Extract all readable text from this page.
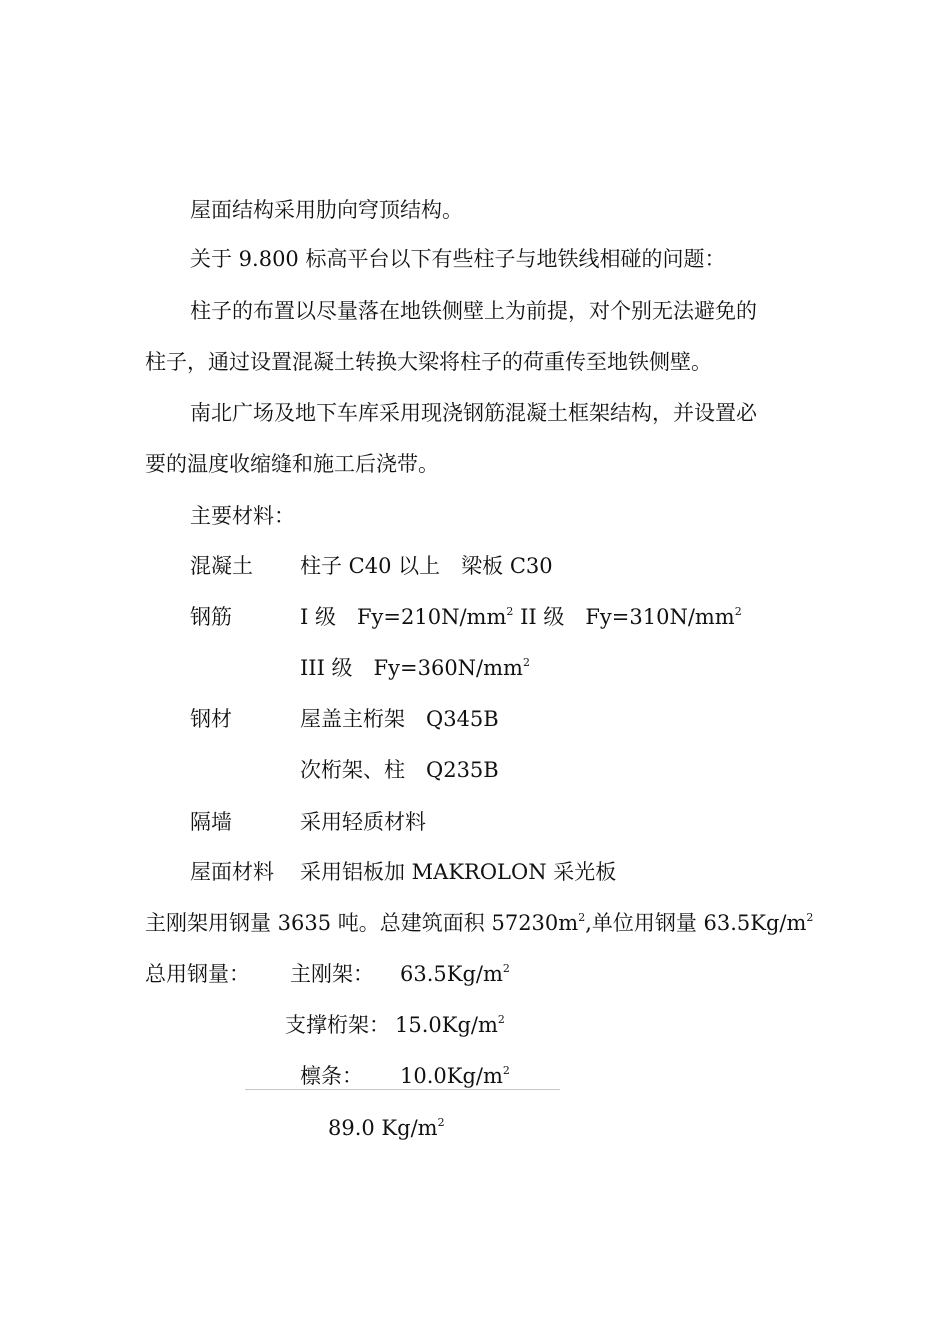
屋面结构采用肋向穹顶结构。
关于 9.800 标高平台以下有些柱子与地铁线相碰的问题：
柱子的布置以尽量落在地铁侧壁上为前提，对个别无法避免的
柱子，通过设置混凝土转换大梁将柱子的荷重传至地铁侧壁。
南北广场及地下车库采用现浇钢筋混凝土框架结构，并设置必
要的温度收缩缝和施工后浇带。
主要材料：
混凝土 柱子 C40 以上　梁板 C30
钢筋	I 级　$Fy=210N/mm^2$ II 级　$Fy=310N/mm^2$
III 级　$Fy=360N/mm^2$
钢材	屋盖主桁架　Q345B
次桁架、柱　Q235B
隔墙	采用轻质材料
屋面材料 采用铝板加 MAKROLON 采光板
主刚架用钢量 3635 吨。总建筑面积 $57230m^2$,单位用钢量 $63.5Kg/m^2$
总用钢量： 主刚架： $63.5Kg/m^2$
支撑桁架： $15.0Kg/m^2$
檩条： $10.0Kg/m^2$
89.0 $Kg/m^2$
